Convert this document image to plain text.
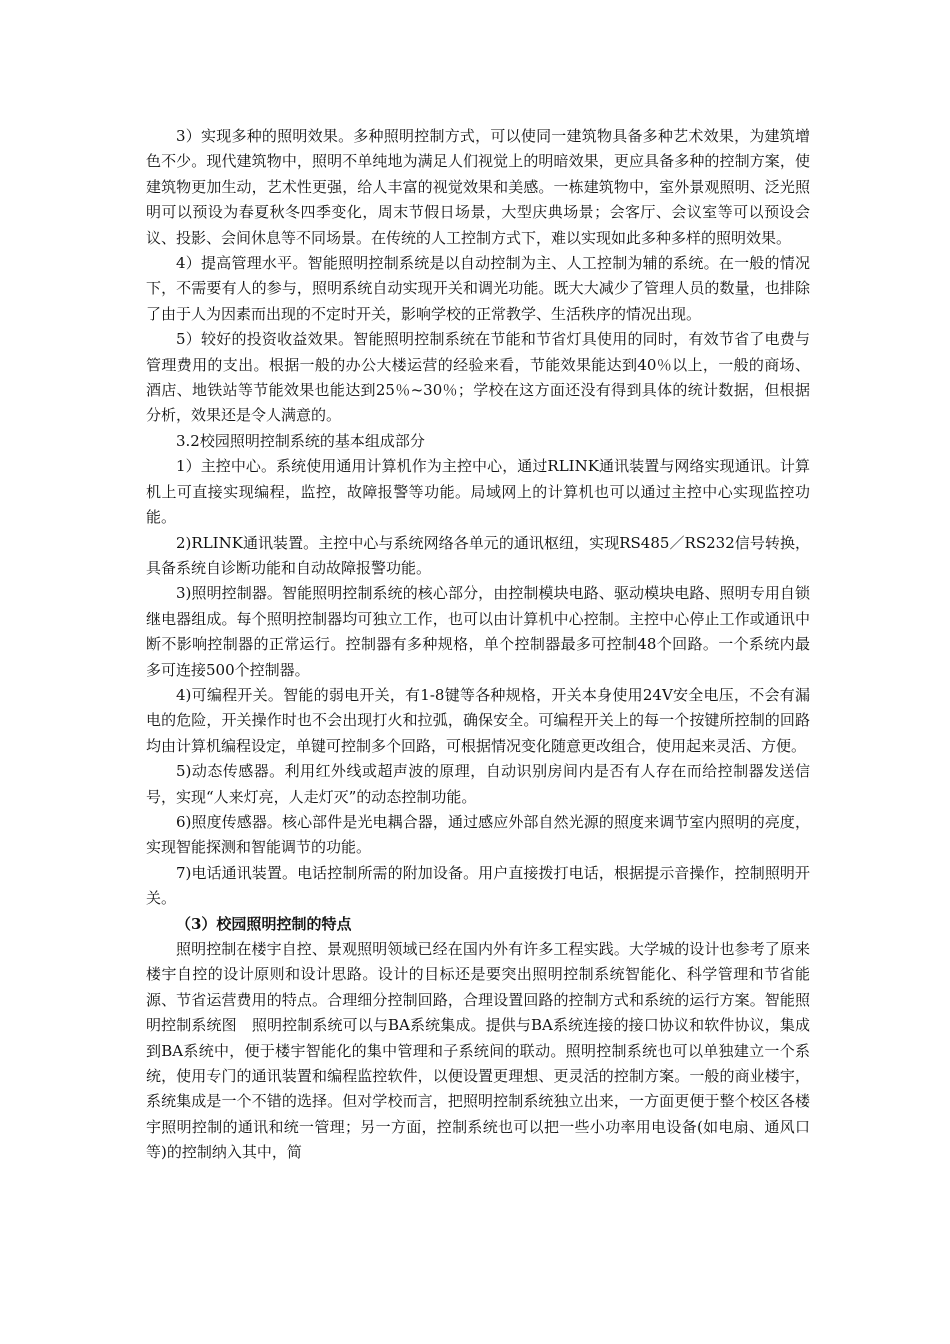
3）实现多种的照明效果。多种照明控制方式，可以使同一建筑物具备多种艺术效果，为建筑增色不少。现代建筑物中，照明不单纯地为满足人们视觉上的明暗效果，更应具备多种的控制方案，使建筑物更加生动，艺术性更强，给人丰富的视觉效果和美感。一栋建筑物中，室外景观照明、泛光照明可以预设为春夏秋冬四季变化，周末节假日场景，大型庆典场景；会客厅、会议室等可以预设会议、投影、会间休息等不同场景。在传统的人工控制方式下，难以实现如此多种多样的照明效果。

4）提高管理水平。智能照明控制系统是以自动控制为主、人工控制为辅的系统。在一般的情况下，不需要有人的参与，照明系统自动实现开关和调光功能。既大大减少了管理人员的数量，也排除了由于人为因素而出现的不定时开关，影响学校的正常教学、生活秩序的情况出现。

5）较好的投资收益效果。智能照明控制系统在节能和节省灯具使用的同时，有效节省了电费与管理费用的支出。根据一般的办公大楼运营的经验来看，节能效果能达到40％以上，一般的商场、酒店、地铁站等节能效果也能达到25％~30％；学校在这方面还没有得到具体的统计数据，但根据分析，效果还是令人满意的。

3.2校园照明控制系统的基本组成部分

1）主控中心。系统使用通用计算机作为主控中心，通过RLINK通讯装置与网络实现通讯。计算机上可直接实现编程，监控，故障报警等功能。局域网上的计算机也可以通过主控中心实现监控功能。

2)RLINK通讯装置。主控中心与系统网络各单元的通讯枢纽，实现RS485／RS232信号转换，具备系统自诊断功能和自动故障报警功能。

3)照明控制器。智能照明控制系统的核心部分，由控制模块电路、驱动模块电路、照明专用自锁继电器组成。每个照明控制器均可独立工作，也可以由计算机中心控制。主控中心停止工作或通讯中断不影响控制器的正常运行。控制器有多种规格，单个控制器最多可控制48个回路。一个系统内最多可连接500个控制器。

4)可编程开关。智能的弱电开关，有1-8键等各种规格，开关本身使用24V安全电压，不会有漏电的危险，开关操作时也不会出现打火和拉弧，确保安全。可编程开关上的每一个按键所控制的回路均由计算机编程设定，单键可控制多个回路，可根据情况变化随意更改组合，使用起来灵活、方便。

5)动态传感器。利用红外线或超声波的原理，自动识别房间内是否有人存在而给控制器发送信号，实现“人来灯亮，人走灯灭”的动态控制功能。

6)照度传感器。核心部件是光电耦合器，通过感应外部自然光源的照度来调节室内照明的亮度，实现智能探测和智能调节的功能。

7)电话通讯装置。电话控制所需的附加设备。用户直接拨打电话，根据提示音操作，控制照明开关。

（3）校园照明控制的特点

照明控制在楼宇自控、景观照明领域已经在国内外有许多工程实践。大学城的设计也参考了原来楼宇自控的设计原则和设计思路。设计的目标还是要突出照明控制系统智能化、科学管理和节省能源、节省运营费用的特点。合理细分控制回路，合理设置回路的控制方式和系统的运行方案。智能照明控制系统图　照明控制系统可以与BA系统集成。提供与BA系统连接的接口协议和软件协议，集成到BA系统中，便于楼宇智能化的集中管理和子系统间的联动。照明控制系统也可以单独建立一个系统，使用专门的通讯装置和编程监控软件，以便设置更理想、更灵活的控制方案。一般的商业楼宇，系统集成是一个不错的选择。但对学校而言，把照明控制系统独立出来，一方面更便于整个校区各楼宇照明控制的通讯和统一管理；另一方面，控制系统也可以把一些小功率用电设备(如电扇、通风口等)的控制纳入其中，简
